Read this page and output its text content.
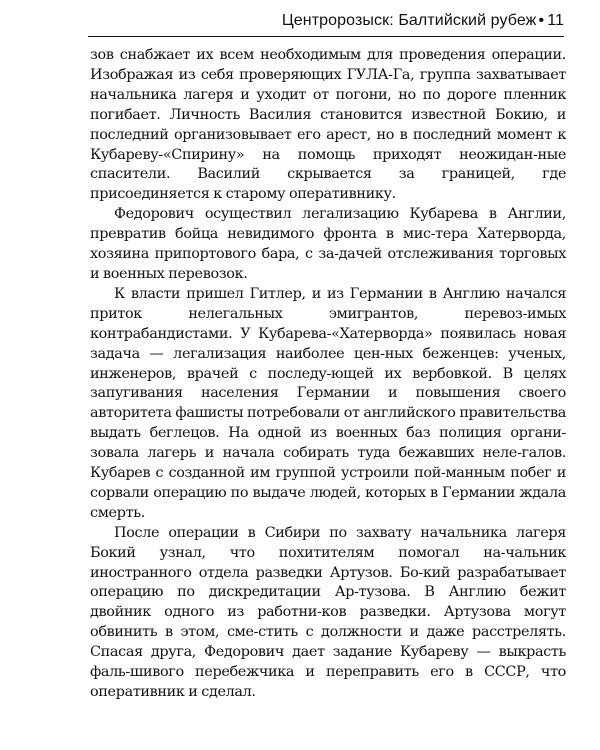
Центророзыск: Балтийский рубеж • 11

зов снабжает их всем необходимым для проведения операции. Изображая из себя проверяющих ГУЛА-Га, группа захватывает начальника лагеря и уходит от погони, но по дороге пленник погибает. Личность Василия становится известной Бокию, и последний организовывает его арест, но в последний момент к Кубареву-«Спирину» на помощь приходят неожидан-ные спасители. Василий скрывается за границей, где присоединяется к старому оперативнику.

Федорович осуществил легализацию Кубарева в Англии, превратив бойца невидимого фронта в мис-тера Хатерворда, хозяина припортового бара, с за-дачей отслеживания торговых и военных перевозок.

К власти пришел Гитлер, и из Германии в Англию начался приток нелегальных эмигрантов, перевоз-имых контрабандистами. У Кубарева-«Хатерворда» появилась новая задача — легализация наиболее цен-ных беженцев: ученых, инженеров, врачей с последу-ющей их вербовкой. В целях запугивания населения Германии и повышения своего авторитета фашисты потребовали от английского правительства выдать беглецов. На одной из военных баз полиция органи-зовала лагерь и начала собирать туда бежавших неле-галов. Кубарев с созданной им группой устроили пой-манным побег и сорвали операцию по выдаче людей, которых в Германии ждала смерть.

После операции в Сибири по захвату начальника лагеря Бокий узнал, что похитителям помогал на-чальник иностранного отдела разведки Артузов. Бо-кий разрабатывает операцию по дискредитации Ар-тузова. В Англию бежит двойник одного из работни-ков разведки. Артузова могут обвинить в этом, сме-стить с должности и даже расстрелять. Спасая друга, Федорович дает задание Кубареву — выкрасть фаль-шивого перебежчика и переправить его в СССР, что оперативник и сделал.
